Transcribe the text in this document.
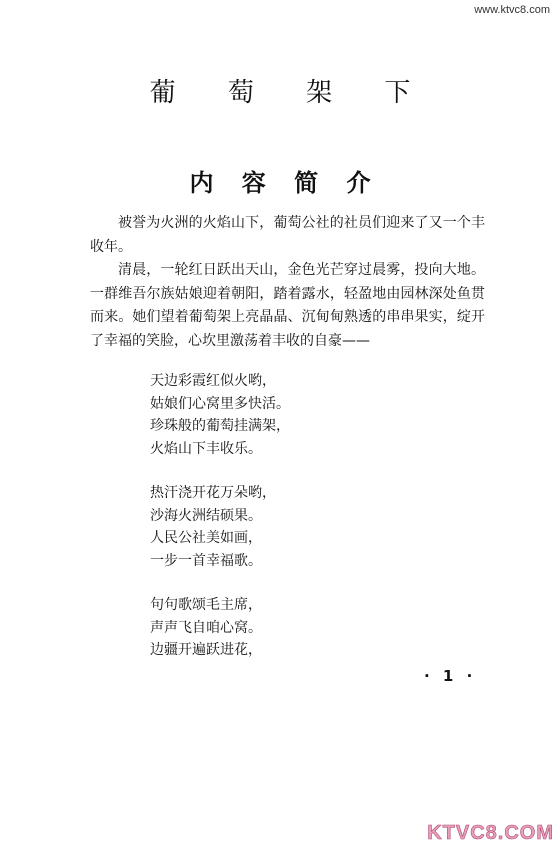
www.ktvc8.com
葡 萄 架 下
内 容 简 介

被誉为火洲的火焰山下，葡萄公社的社员们迎来了又一个丰收年。

清晨，一轮红日跃出天山，金色光芒穿过晨雾，投向大地。一群维吾尔族姑娘迎着朝阳，踏着露水，轻盈地由园林深处鱼贯而来。她们望着葡萄架上亮晶晶、沉甸甸熟透的串串果实，绽开了幸福的笑脸，心坎里激荡着丰收的自豪——

天边彩霞红似火哟，
姑娘们心窝里多快活。
珍珠般的葡萄挂满架，
火焰山下丰收乐。
热汗浇开花万朵哟，
沙海火洲结硕果。
人民公社美如画，
一步一首幸福歌。
句句歌颂毛主席，
声声飞自咱心窝。
边疆开遍跃进花，
· 1 ·
KTVC8.COM
